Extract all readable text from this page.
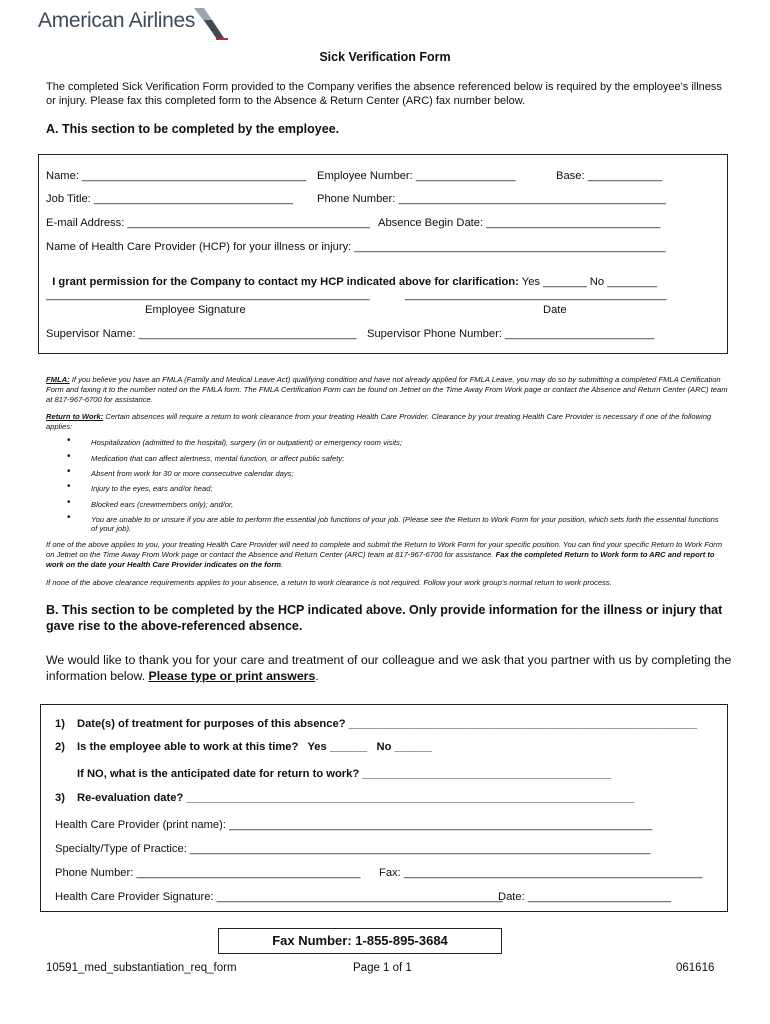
American Airlines
Sick Verification Form
The completed Sick Verification Form provided to the Company verifies the absence referenced below is required by the employee's illness or injury. Please fax this completed form to the Absence & Return Center (ARC) fax number below.
A. This section to be completed by the employee.
Name: ____________________________________ Employee Number: ________________	Base: ____________
Job Title: ________________________________ Phone Number: ___________________________________________
E-mail Address: _______________________________________ Absence Begin Date: ____________________________
Name of Health Care Provider (HCP) for your illness or injury: __________________________________________________

I grant permission for the Company to contact my HCP indicated above for clarification: Yes _______ No ________

____________________________________________________	__________________________________________
Employee Signature	Date
Supervisor Name: ___________________________________ Supervisor Phone Number: ________________________
FMLA: If you believe you have an FMLA (Family and Medical Leave Act) qualifying condition and have not already applied for FMLA Leave, you may do so by submitting a completed FMLA Certification Form and faxing it to the number noted on the FMLA form. The FMLA Certification Form can be found on Jetnet on the Time Away From Work page or contact the Absence and Return Center (ARC) team at 817-967-6700 for assistance.
Return to Work: Certain absences will require a return to work clearance from your treating Health Care Provider. Clearance by your treating Health Care Provider is necessary if one of the following applies:
•	Hospitalization (admitted to the hospital), surgery (in or outpatient) or emergency room visits;
•	Medication that can affect alertness, mental function, or affect public safety;
•	Absent from work for 30 or more consecutive calendar days;
•	Injury to the eyes, ears and/or head;
•	Blocked ears (crewmembers only); and/or,
•	You are unable to or unsure if you are able to perform the essential job functions of your job. (Please see the Return to Work Form for your position, which sets forth the essential functions of your job).
If one of the above applies to you, your treating Health Care Provider will need to complete and submit the Return to Work Form for your specific position. You can find your specific Return to Work Form on Jetnet on the Time Away From Work page or contact the Absence and Return Center (ARC) team at 817-967-6700 for assistance. Fax the completed Return to Work form to ARC and report to work on the date your Health Care Provider indicates on the form.
If none of the above clearance requirements applies to your absence, a return to work clearance is not required. Follow your work group's normal return to work process.
B. This section to be completed by the HCP indicated above. Only provide information for the illness or injury that gave rise to the above-referenced absence.
We would like to thank you for your care and treatment of our colleague and we ask that you partner with us by completing the information below. Please type or print answers.
1) Date(s) of treatment for purposes of this absence? ________________________________________________________
2) Is the employee able to work at this time?   Yes ______   No ______
If NO, what is the anticipated date for return to work? ________________________________________
3) Re-evaluation date? ________________________________________________________________________
Health Care Provider (print name): ____________________________________________________________________
Specialty/Type of Practice: __________________________________________________________________________
Phone Number: ____________________________________ Fax: ________________________________________________
Health Care Provider Signature: ______________________________________________
Date: _______________________
Fax Number: 1-855-895-3684
10591_med_substantiation_req_form	Page 1 of 1	061616
